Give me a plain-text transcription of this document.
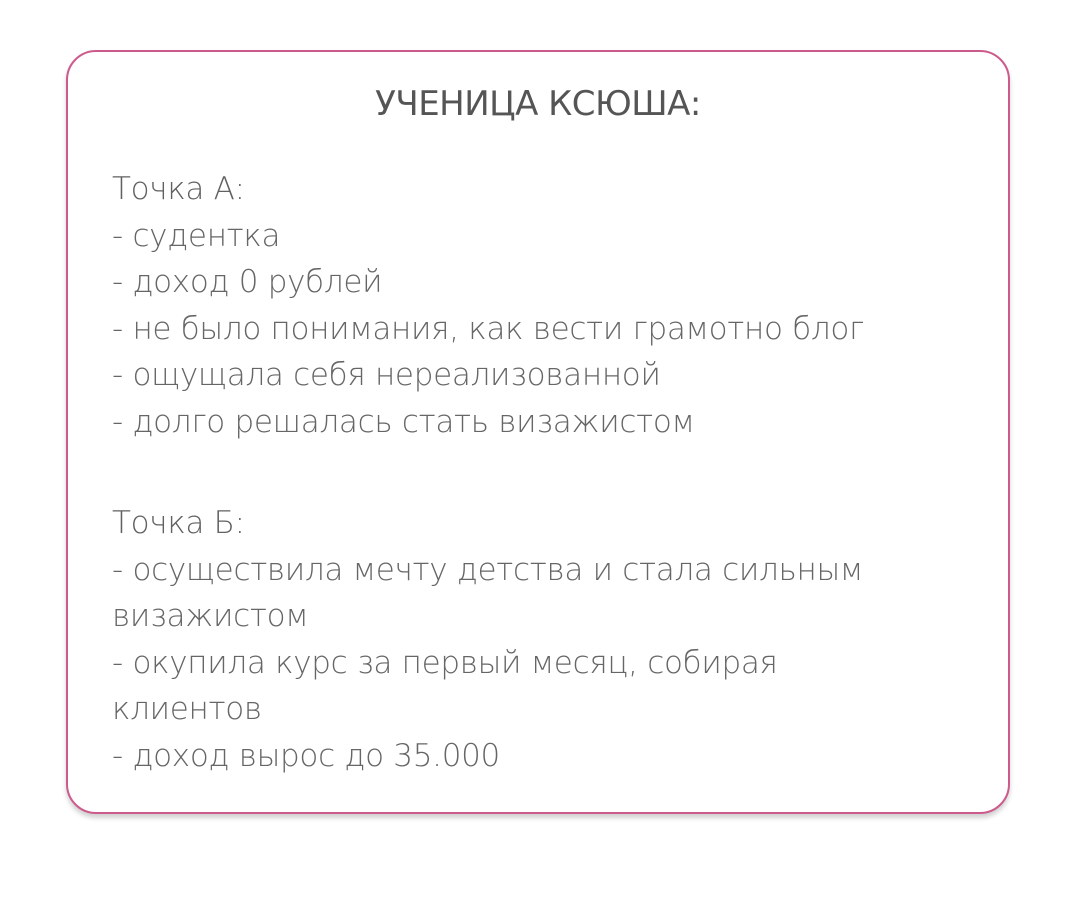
УЧЕНИЦА КСЮША:

Точка А:

- судентка

- доход 0 рублей

- не было понимания, как вести грамотно блог

- ощущала себя нереализованной

- долго решалась стать визажистом

Точка Б:

- осуществила мечту детства и стала сильным

визажистом

- окупила курс за первый месяц, собирая

клиентов

- доход вырос до 35.000
